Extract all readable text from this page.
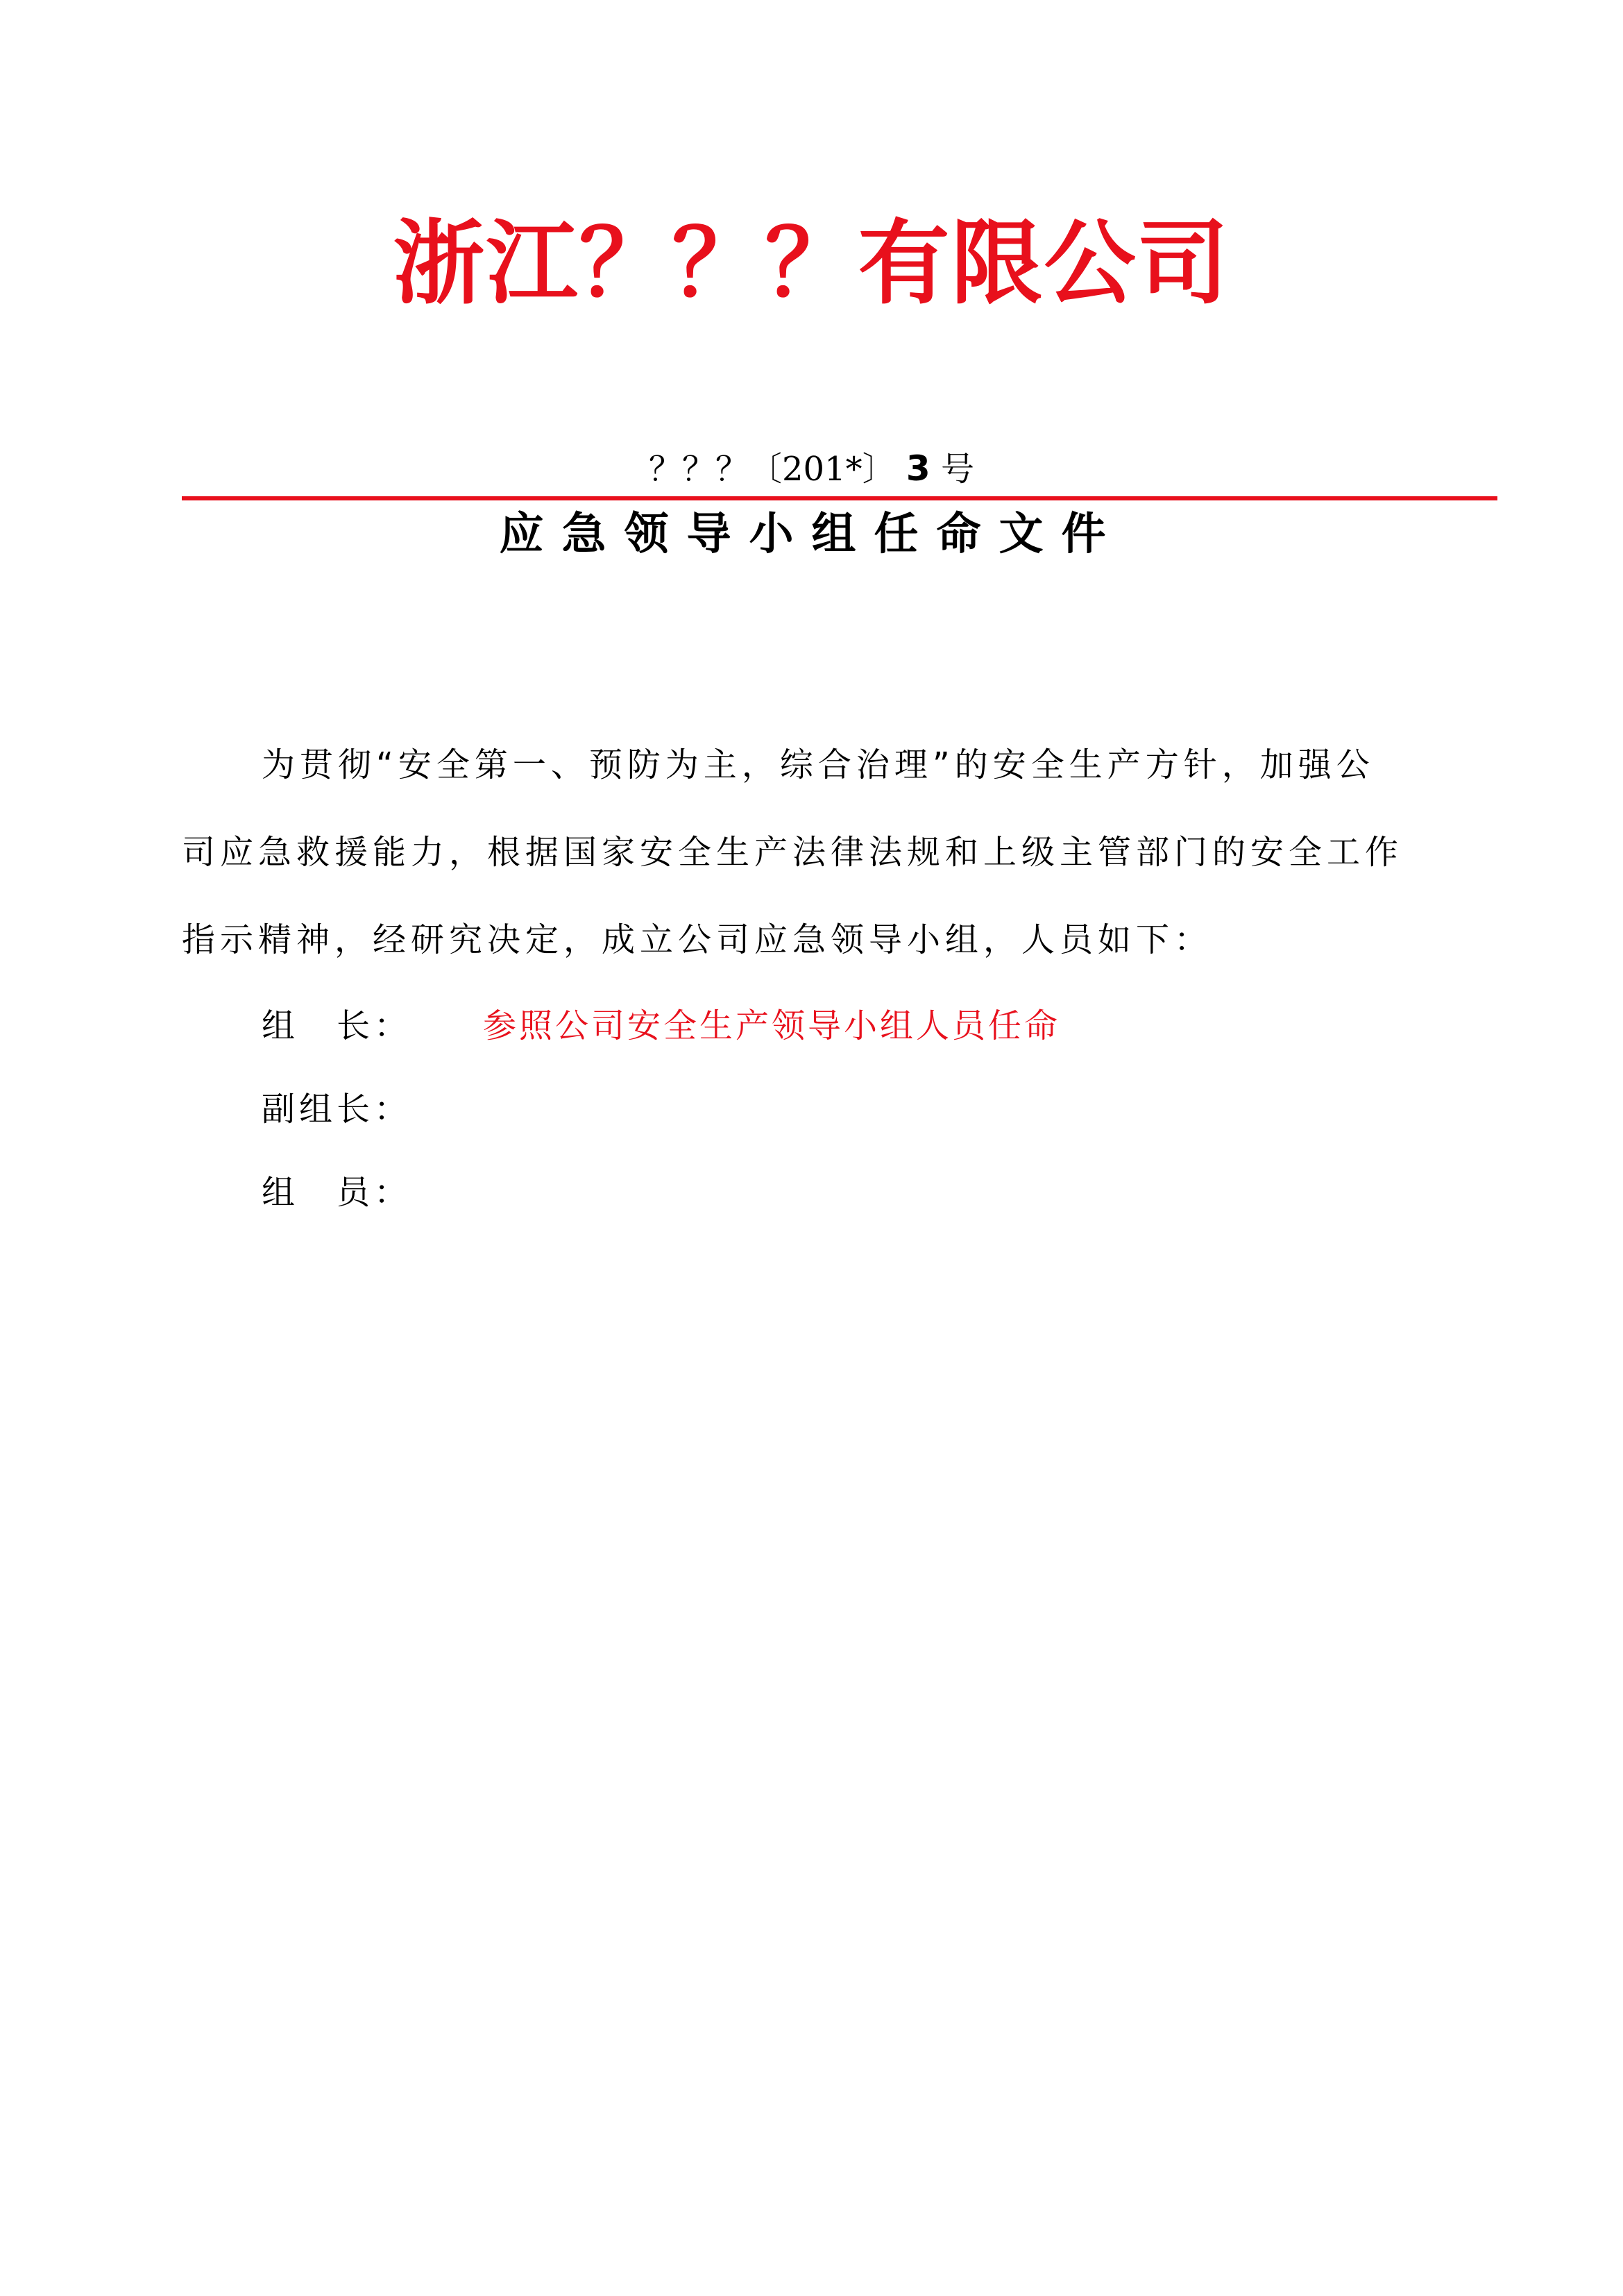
浙江？？？有限公司
？？？〔201*〕 3 号
应急领导小组任命文件
为贯彻“安全第一、预防为主，综合治理”的安全生产方针，加强公
司应急救援能力，根据国家安全生产法律法规和上级主管部门的安全工作
指示精神，经研究决定，成立公司应急领导小组，人员如下：
组　长： 参照公司安全生产领导小组人员任命
副组长：
组　员：
